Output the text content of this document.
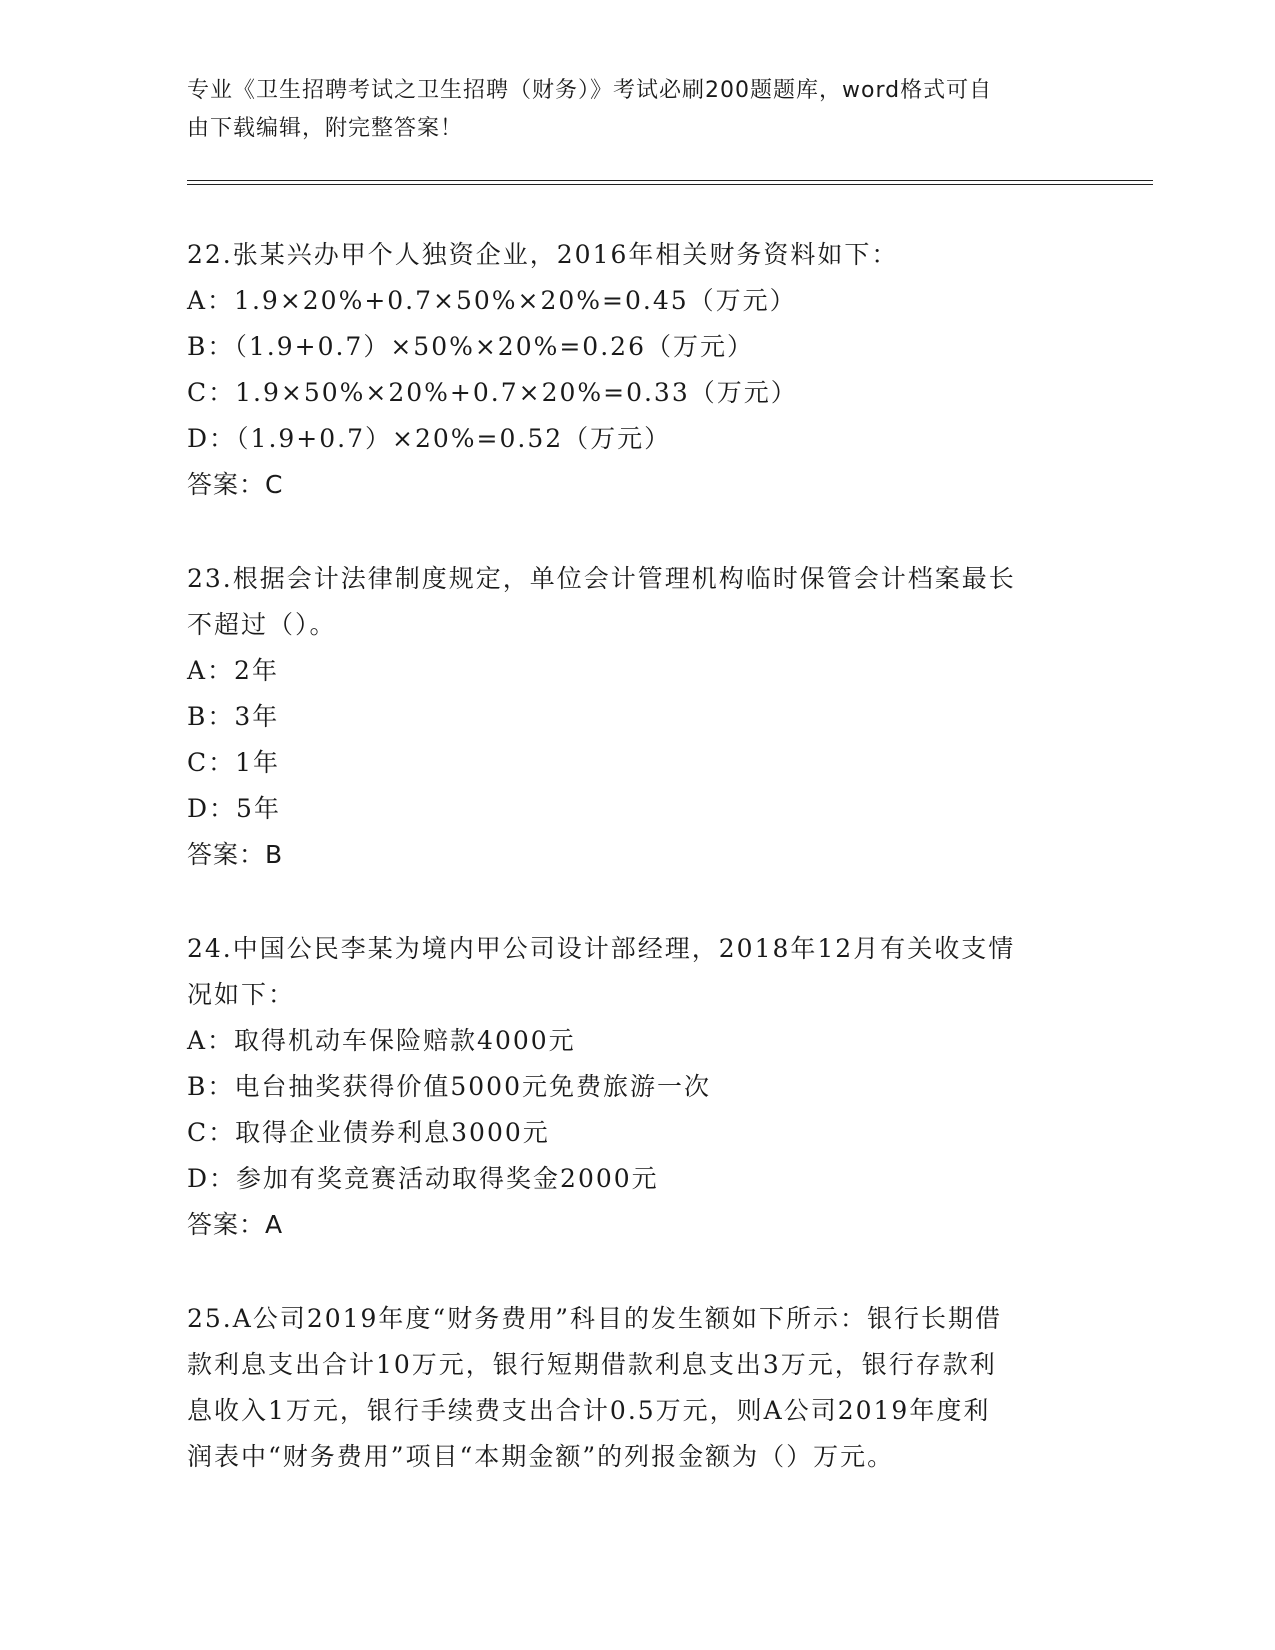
专业《卫生招聘考试之卫生招聘（财务）》考试必刷200题题库，word格式可自
由下载编辑，附完整答案！

22.张某兴办甲个人独资企业，2016年相关财务资料如下：

A：1.9×20%+0.7×50%×20%=0.45（万元）

B：（1.9+0.7）×50%×20%=0.26（万元）

C：1.9×50%×20%+0.7×20%=0.33（万元）

D：（1.9+0.7）×20%=0.52（万元）

答案：C

23.根据会计法律制度规定，单位会计管理机构临时保管会计档案最长

不超过（）。

A：2年

B：3年

C：1年

D：5年

答案：B

24.中国公民李某为境内甲公司设计部经理，2018年12月有关收支情

况如下：

A：取得机动车保险赔款4000元

B：电台抽奖获得价值5000元免费旅游一次

C：取得企业债券利息3000元

D：参加有奖竞赛活动取得奖金2000元

答案：A

25.A公司2019年度“财务费用”科目的发生额如下所示：银行长期借

款利息支出合计10万元，银行短期借款利息支出3万元，银行存款利

息收入1万元，银行手续费支出合计0.5万元，则A公司2019年度利

润表中“财务费用”项目“本期金额”的列报金额为（）万元。
